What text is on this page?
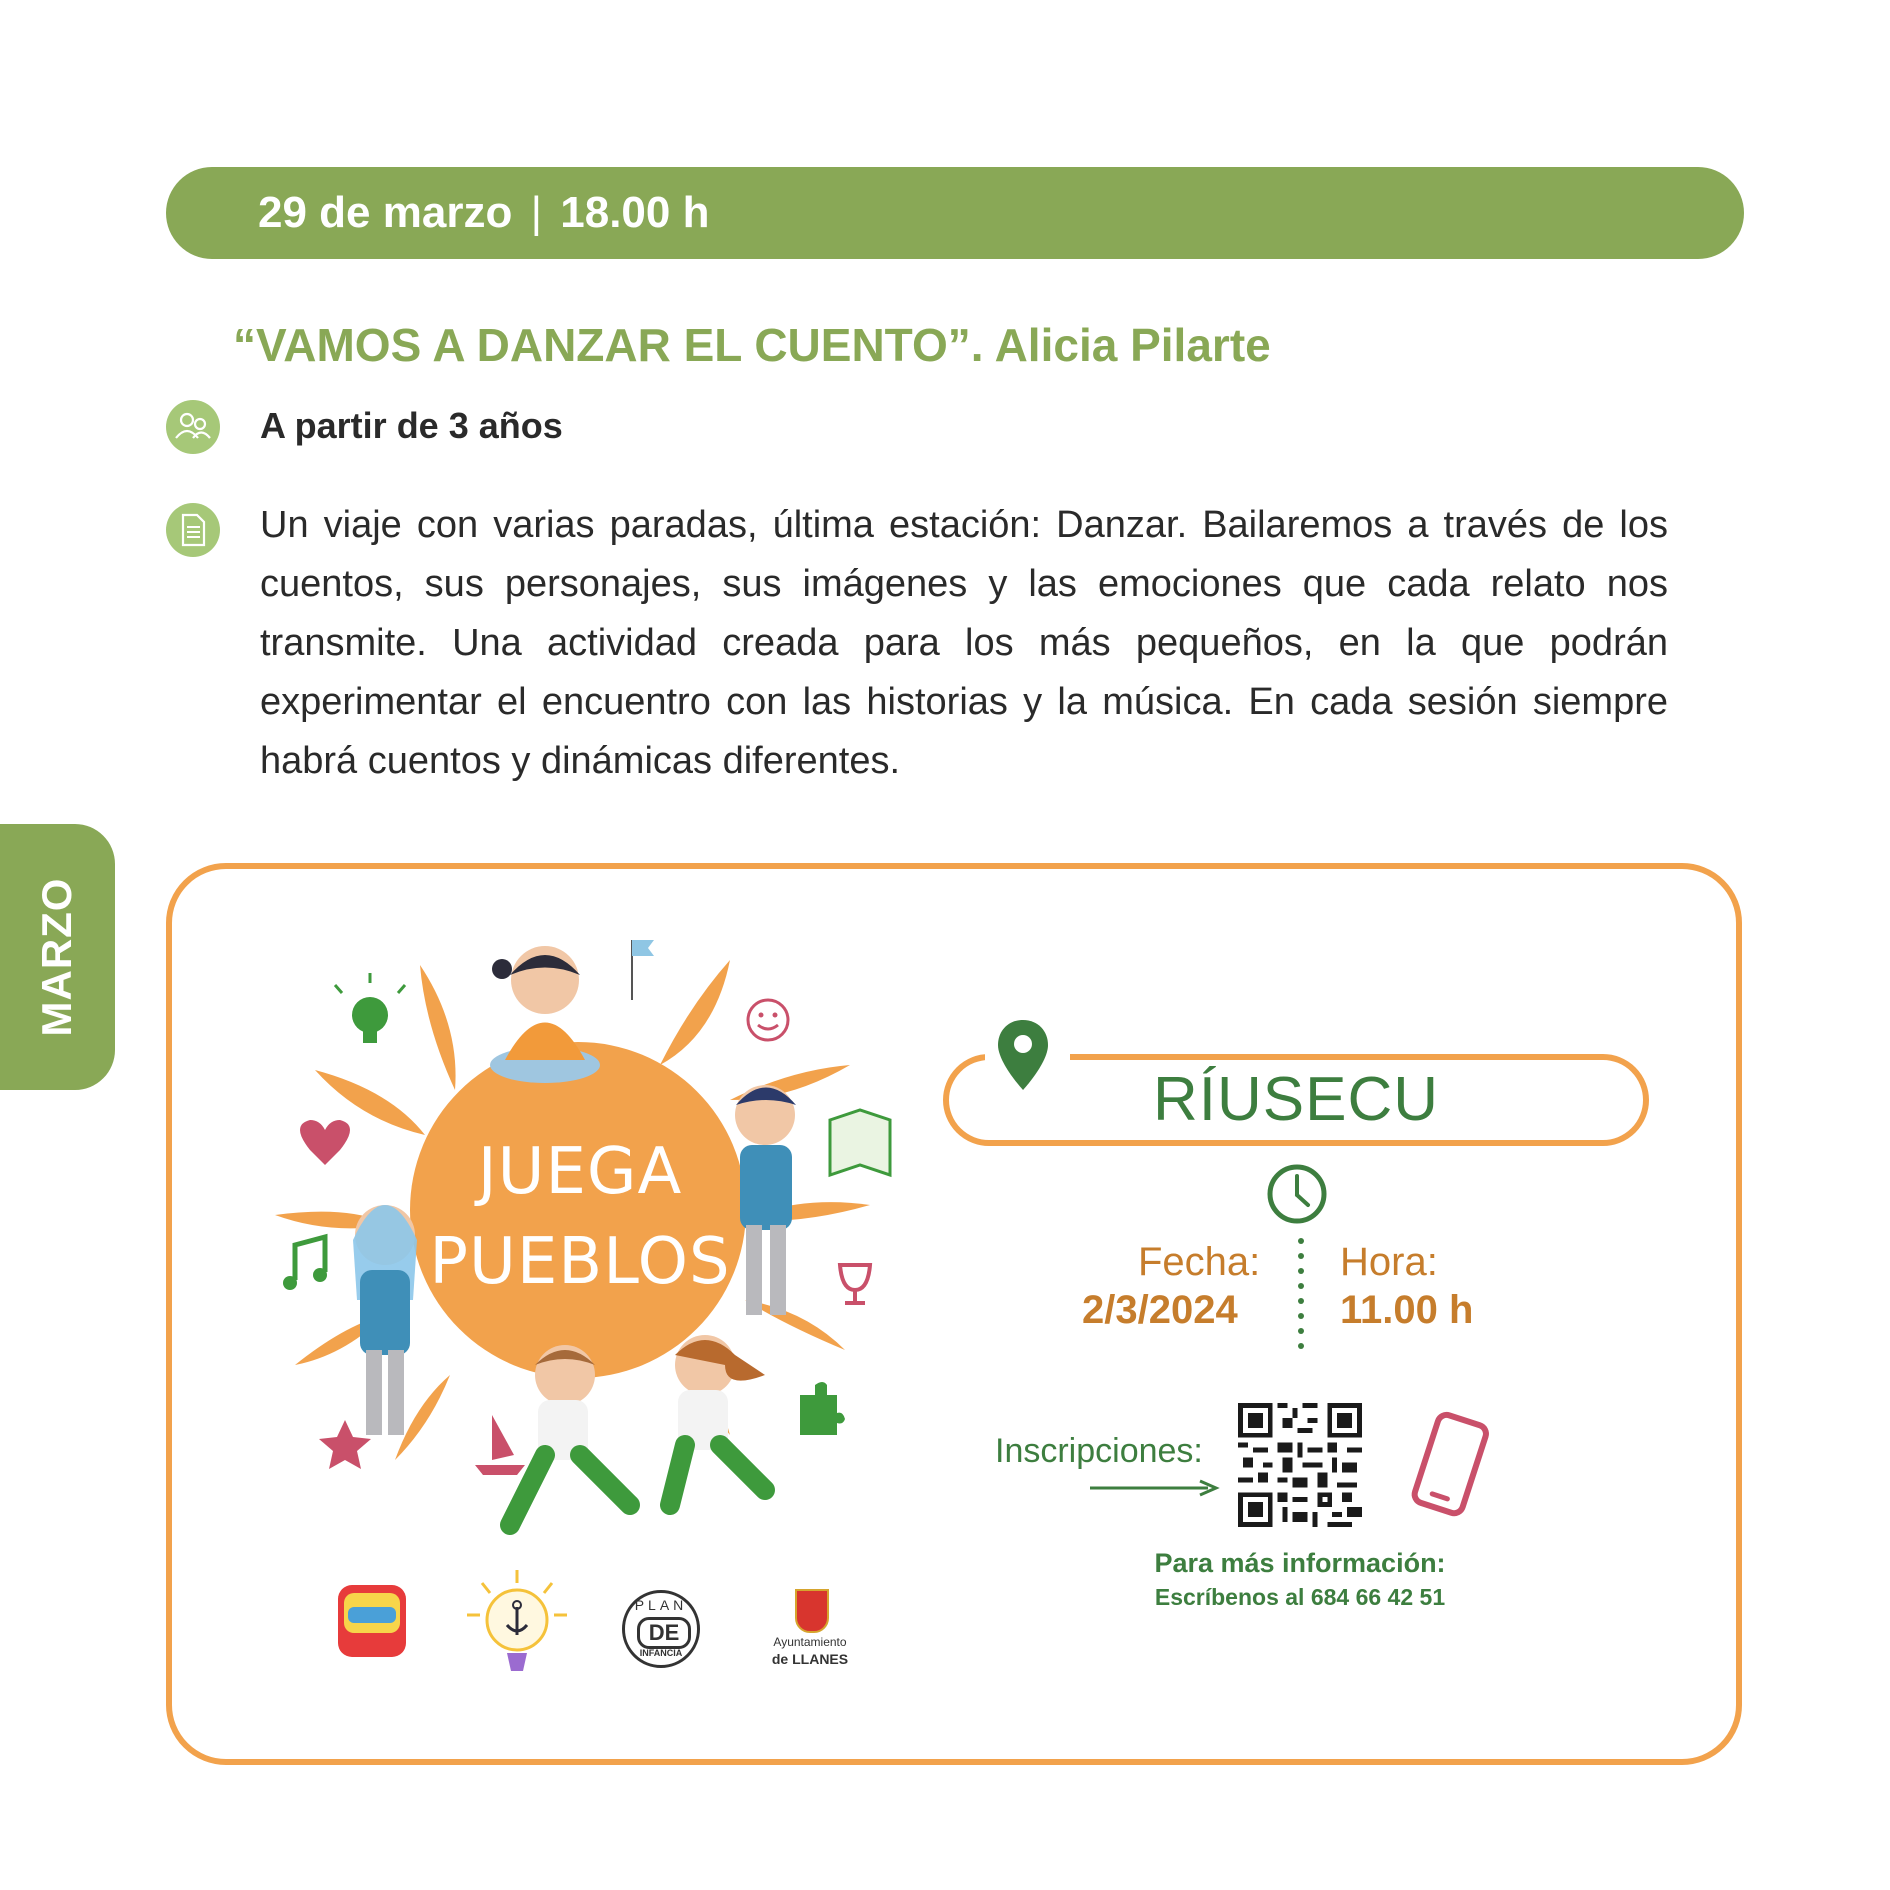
29 de marzo | 18.00 h
“VAMOS A DANZAR EL CUENTO”. Alicia Pilarte
A partir de 3 años
Un viaje con varias paradas, última estación: Danzar. Bailaremos a través de los cuentos, sus personajes, sus imágenes y las emociones que cada relato nos transmite. Una actividad creada para los más pequeños, en la que podrán experimentar el encuentro con las historias y la música. En cada sesión siempre habrá cuentos y dinámicas diferentes.
MARZO
JUEGA
PUEBLOS
PLAN
DE
INFANCIA
Ayuntamiento
de LLANES
RÍUSECU
Fecha:
2/3/2024
Hora:
11.00 h
Inscripciones:
Para más información:
Escríbenos al 684 66 42 51
